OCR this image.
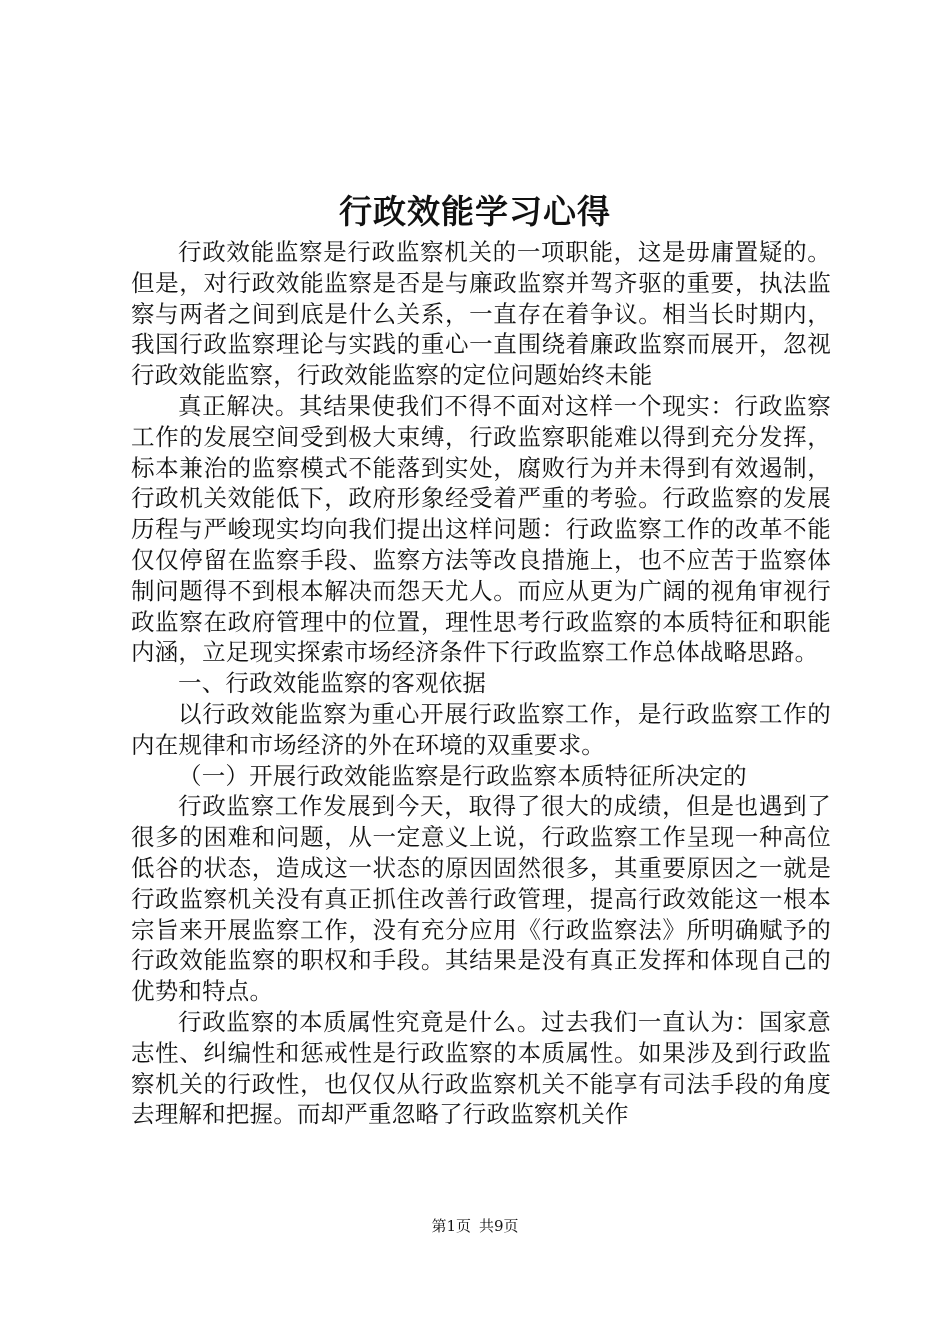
行政效能学习心得

行政效能监察是行政监察机关的一项职能，这是毋庸置疑的。但是，对行政效能监察是否是与廉政监察并驾齐驱的重要，执法监察与两者之间到底是什么关系，一直存在着争议。相当长时期内，我国行政监察理论与实践的重心一直围绕着廉政监察而展开，忽视行政效能监察，行政效能监察的定位问题始终未能

真正解决。其结果使我们不得不面对这样一个现实：行政监察工作的发展空间受到极大束缚，行政监察职能难以得到充分发挥，标本兼治的监察模式不能落到实处，腐败行为并未得到有效遏制，行政机关效能低下，政府形象经受着严重的考验。行政监察的发展历程与严峻现实均向我们提出这样问题：行政监察工作的改革不能仅仅停留在监察手段、监察方法等改良措施上，也不应苦于监察体制问题得不到根本解决而怨天尤人。而应从更为广阔的视角审视行政监察在政府管理中的位置，理性思考行政监察的本质特征和职能内涵，立足现实探索市场经济条件下行政监察工作总体战略思路。

一、行政效能监察的客观依据

以行政效能监察为重心开展行政监察工作，是行政监察工作的内在规律和市场经济的外在环境的双重要求。

（一）开展行政效能监察是行政监察本质特征所决定的

行政监察工作发展到今天，取得了很大的成绩，但是也遇到了很多的困难和问题，从一定意义上说，行政监察工作呈现一种高位低谷的状态，造成这一状态的原因固然很多，其重要原因之一就是行政监察机关没有真正抓住改善行政管理，提高行政效能这一根本宗旨来开展监察工作，没有充分应用《行政监察法》所明确赋予的行政效能监察的职权和手段。其结果是没有真正发挥和体现自己的优势和特点。

行政监察的本质属性究竟是什么。过去我们一直认为：国家意志性、纠编性和惩戒性是行政监察的本质属性。如果涉及到行政监察机关的行政性，也仅仅从行政监察机关不能享有司法手段的角度去理解和把握。而却严重忽略了行政监察机关作

第1页 共9页
